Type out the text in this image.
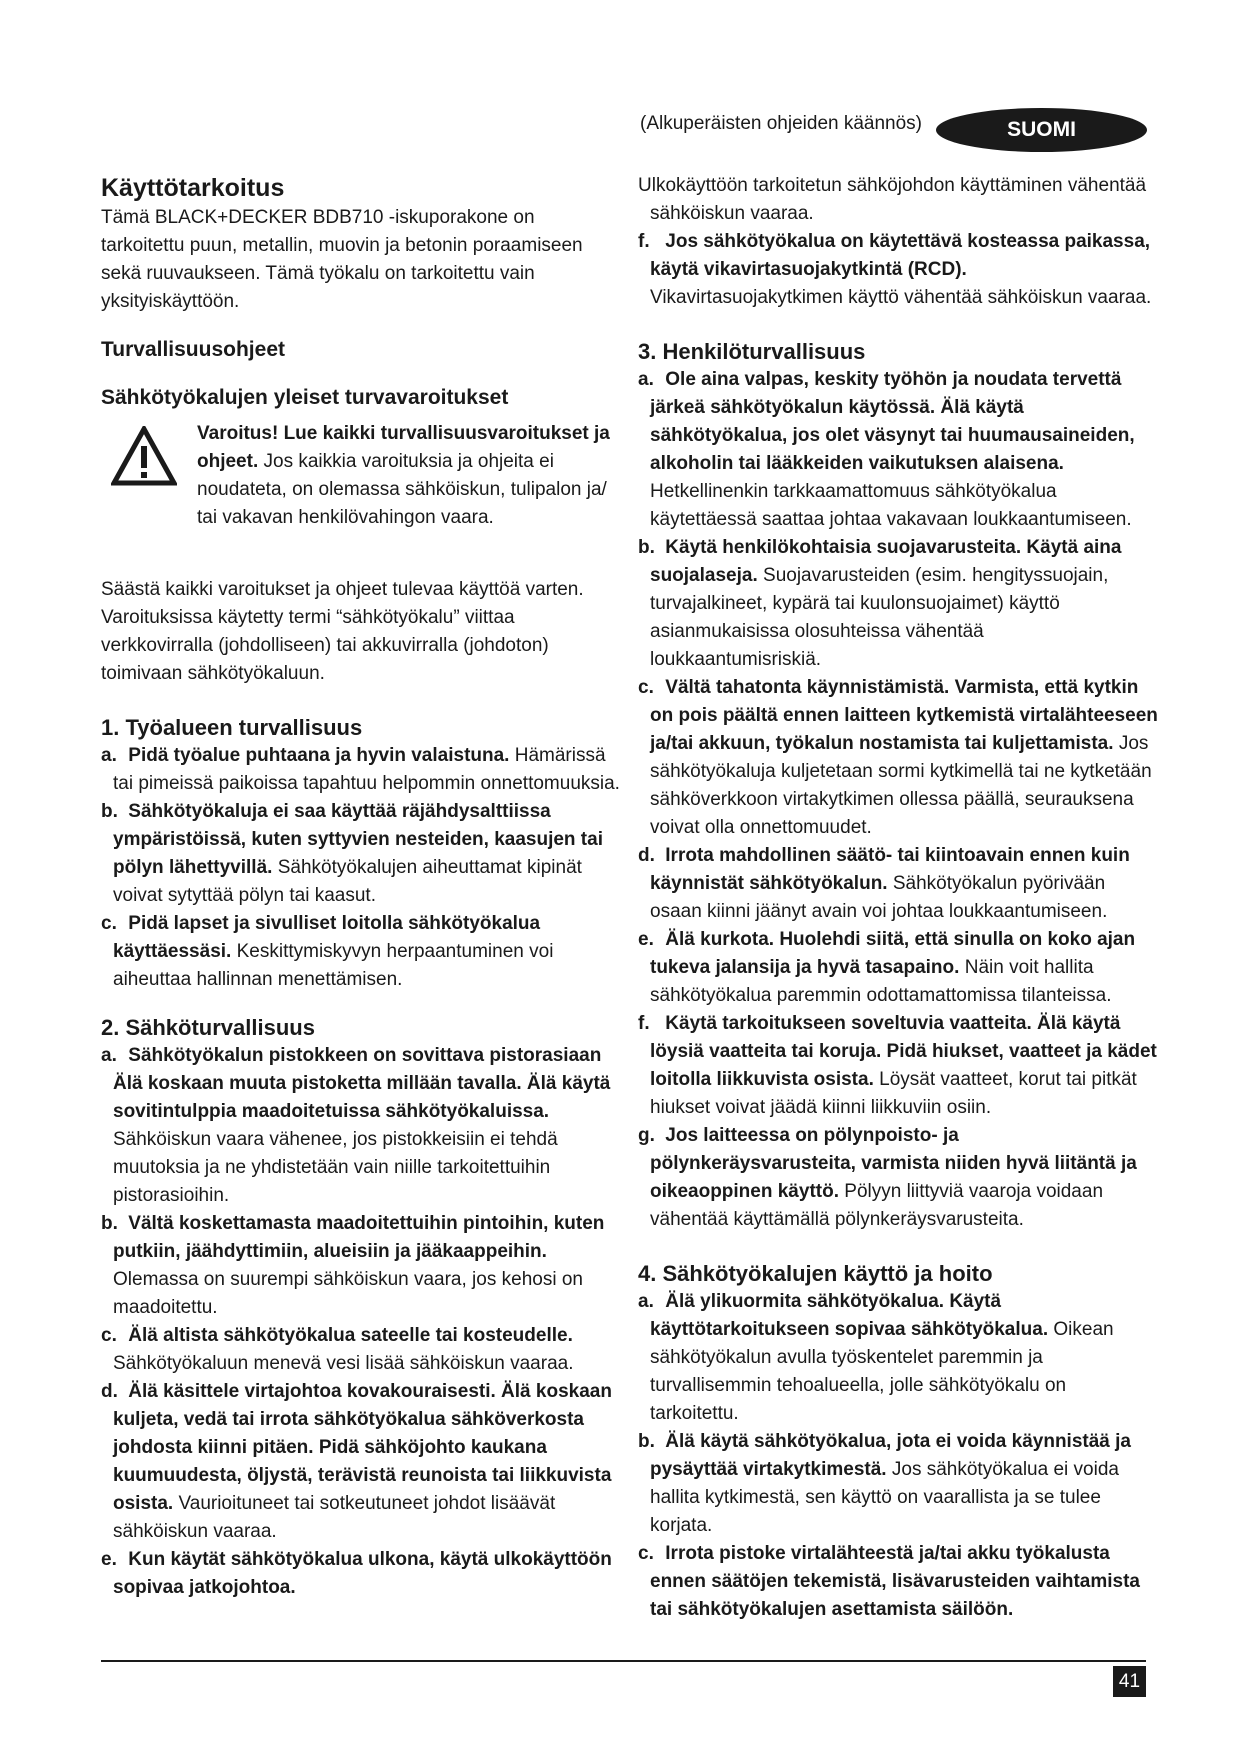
(Alkuperäisten ohjeiden käännös)	SUOMI
Käyttötarkoitus

Tämä BLACK+DECKER BDB710 -iskuporakone on tarkoitettu puun, metallin, muovin ja betonin poraamiseen sekä ruuvaukseen. Tämä työkalu on tarkoitettu vain yksityiskäyttöön.

Turvallisuusohjeet
Sähkötyökalujen yleiset turvavaroitukset

Varoitus! Lue kaikki turvallisuusvaroitukset ja ohjeet. Jos kaikkia varoituksia ja ohjeita ei noudateta, on olemassa sähköiskun, tulipalon ja/ tai vakavan henkilövahingon vaara.

Säästä kaikki varoitukset ja ohjeet tulevaa käyttöä varten. Varoituksissa käytetty termi “sähkötyökalu” viittaa verkkovirralla (johdolliseen) tai akkuvirralla (johdoton) toimivaan sähkötyökaluun.

1. Työalueen turvallisuus

a. Pidä työalue puhtaana ja hyvin valaistuna. Hämärissä tai pimeissä paikoissa tapahtuu helpommin onnettomuuksia.

b. Sähkötyökaluja ei saa käyttää räjähdysalttiissa ympäristöissä, kuten syttyvien nesteiden, kaasujen tai pölyn lähettyvillä. Sähkötyökalujen aiheuttamat kipinät voivat sytyttää pölyn tai kaasut.

c. Pidä lapset ja sivulliset loitolla sähkötyökalua käyttäessäsi. Keskittymiskyvyn herpaantuminen voi aiheuttaa hallinnan menettämisen.

2. Sähköturvallisuus

a. Sähkötyökalun pistokkeen on sovittava pistorasiaan Älä koskaan muuta pistoketta millään tavalla. Älä käytä sovitintulppia maadoitetuissa sähkötyökaluissa. Sähköiskun vaara vähenee, jos pistokkeisiin ei tehdä muutoksia ja ne yhdistetään vain niille tarkoitettuihin pistorasioihin.

b. Vältä koskettamasta maadoitettuihin pintoihin, kuten putkiin, jäähdyttimiin, alueisiin ja jääkaappeihin. Olemassa on suurempi sähköiskun vaara, jos kehosi on maadoitettu.

c. Älä altista sähkötyökalua sateelle tai kosteudelle. Sähkötyökaluun menevä vesi lisää sähköiskun vaaraa.

d. Älä käsittele virtajohtoa kovakouraisesti. Älä koskaan kuljeta, vedä tai irrota sähkötyökalua sähköverkosta johdosta kiinni pitäen. Pidä sähköjohto kaukana kuumuudesta, öljystä, terävistä reunoista tai liikkuvista osista. Vaurioituneet tai sotkeutuneet johdot lisäävät sähköiskun vaaraa.

e. Kun käytät sähkötyökalua ulkona, käytä ulkokäyttöön sopivaa jatkojohtoa.

Ulkokäyttöön tarkoitetun sähköjohdon käyttäminen vähentää sähköiskun vaaraa.

f. Jos sähkötyökalua on käytettävä kosteassa paikassa, käytä vikavirtasuojakytkintä (RCD). Vikavirtasuojakytkimen käyttö vähentää sähköiskun vaaraa.

3. Henkilöturvallisuus

a. Ole aina valpas, keskity työhön ja noudata tervettä järkeä sähkötyökalun käytössä. Älä käytä sähkötyökalua, jos olet väsynyt tai huumausaineiden, alkoholin tai lääkkeiden vaikutuksen alaisena. Hetkellinenkin tarkkaamattomuus sähkötyökalua käytettäessä saattaa johtaa vakavaan loukkaantumiseen.

b. Käytä henkilökohtaisia suojavarusteita. Käytä aina suojalaseja. Suojavarusteiden (esim. hengityssuojain, turvajalkineet, kypärä tai kuulonsuojaimet) käyttö asianmukaisissa olosuhteissa vähentää loukkaantumisriskiä.

c. Vältä tahatonta käynnistämistä. Varmista, että kytkin on pois päältä ennen laitteen kytkemistä virtalähteeseen ja/tai akkuun, työkalun nostamista tai kuljettamista. Jos sähkötyökaluja kuljetetaan sormi kytkimellä tai ne kytketään sähköverkkoon virtakytkimen ollessa päällä, seurauksena voivat olla onnettomuudet.

d. Irrota mahdollinen säätö- tai kiintoavain ennen kuin käynnistät sähkötyökalun. Sähkötyökalun pyörivään osaan kiinni jäänyt avain voi johtaa loukkaantumiseen.

e. Älä kurkota. Huolehdi siitä, että sinulla on koko ajan tukeva jalansija ja hyvä tasapaino. Näin voit hallita sähkötyökalua paremmin odottamattomissa tilanteissa.

f. Käytä tarkoitukseen soveltuvia vaatteita. Älä käytä löysiä vaatteita tai koruja. Pidä hiukset, vaatteet ja kädet loitolla liikkuvista osista. Löysät vaatteet, korut tai pitkät hiukset voivat jäädä kiinni liikkuviin osiin.

g. Jos laitteessa on pölynpoisto- ja pölynkeräysvarusteita, varmista niiden hyvä liitäntä ja oikeaoppinen käyttö. Pölyyn liittyviä vaaroja voidaan vähentää käyttämällä pölynkeräysvarusteita.

4. Sähkötyökalujen käyttö ja hoito

a. Älä ylikuormita sähkötyökalua. Käytä käyttötarkoitukseen sopivaa sähkötyökalua. Oikean sähkötyökalun avulla työskentelet paremmin ja turvallisemmin tehoalueella, jolle sähkötyökalu on tarkoitettu.

b. Älä käytä sähkötyökalua, jota ei voida käynnistää ja pysäyttää virtakytkimestä. Jos sähkötyökalua ei voida hallita kytkimestä, sen käyttö on vaarallista ja se tulee korjata.

c. Irrota pistoke virtalähteestä ja/tai akku työkalusta ennen säätöjen tekemistä, lisävarusteiden vaihtamista tai sähkötyökalujen asettamista säilöön.

41
